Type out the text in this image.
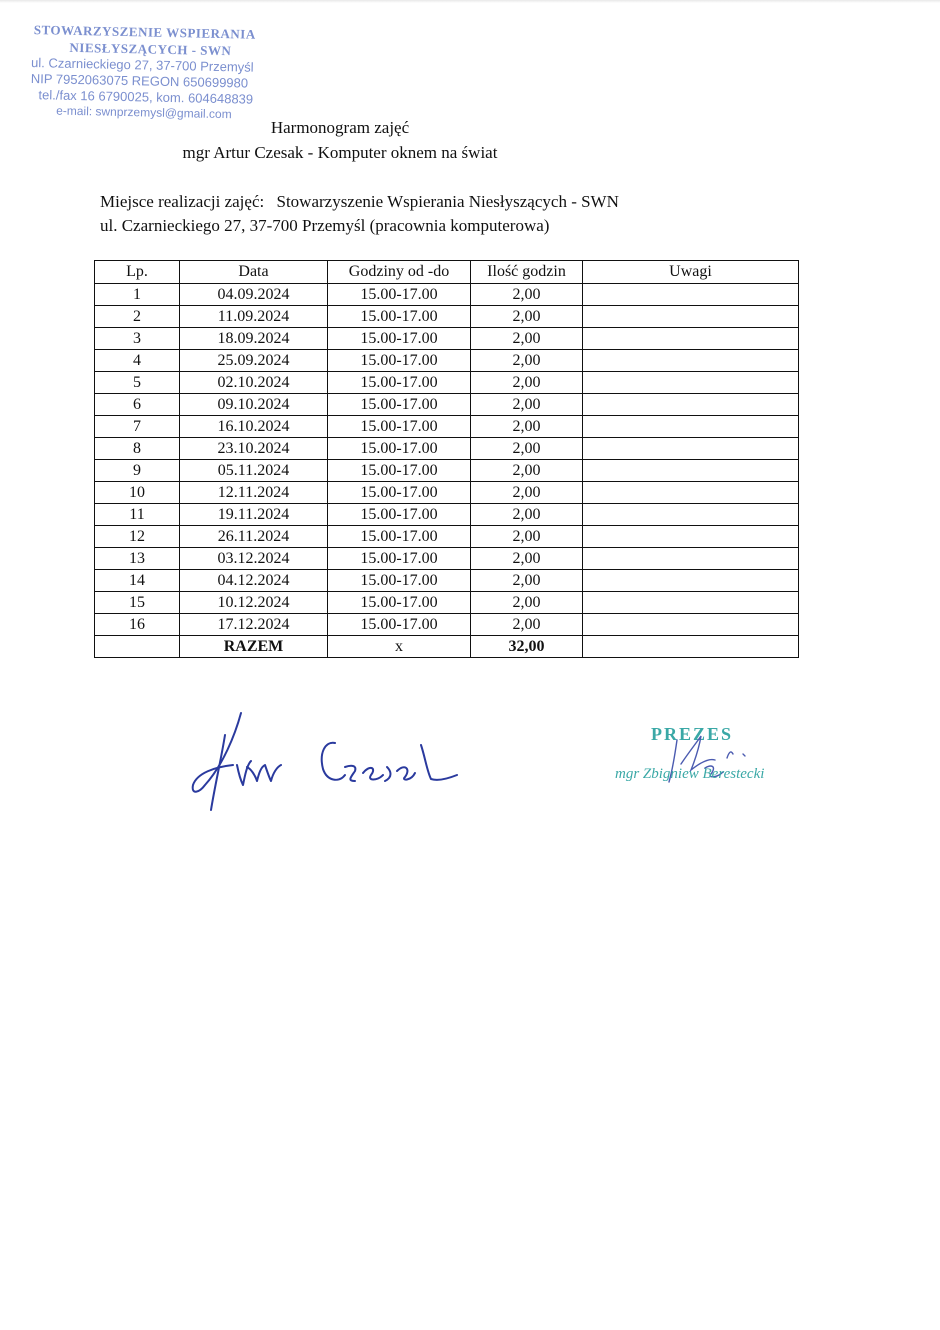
STOWARZYSZENIE WSPIERANIA
NIESŁYSZĄCYCH - SWN
ul. Czarnieckiego 27, 37-700 Przemyśl
NIP 7952063075 REGON 650699980
tel./fax 16 6790025, kom. 604648839
e-mail: swnprzemysl@gmail.com
Harmonogram zajęć
mgr Artur Czesak - Komputer oknem na świat
Miejsce realizacji zajęć: Stowarzyszenie Wspierania Niesłyszących - SWN
ul. Czarnieckiego 27, 37-700 Przemyśl (pracownia komputerowa)
Lp.	Data	Godziny od -do	Ilość godzin	Uwagi
1	04.09.2024	15.00-17.00	2,00	
2	11.09.2024	15.00-17.00	2,00	
3	18.09.2024	15.00-17.00	2,00	
4	25.09.2024	15.00-17.00	2,00	
5	02.10.2024	15.00-17.00	2,00	
6	09.10.2024	15.00-17.00	2,00	
7	16.10.2024	15.00-17.00	2,00	
8	23.10.2024	15.00-17.00	2,00	
9	05.11.2024	15.00-17.00	2,00	
10	12.11.2024	15.00-17.00	2,00	
11	19.11.2024	15.00-17.00	2,00	
12	26.11.2024	15.00-17.00	2,00	
13	03.12.2024	15.00-17.00	2,00	
14	04.12.2024	15.00-17.00	2,00	
15	10.12.2024	15.00-17.00	2,00	
16	17.12.2024	15.00-17.00	2,00	
	RAZEM	x	32,00	
PREZES
mgr Zbigniew Berestecki
